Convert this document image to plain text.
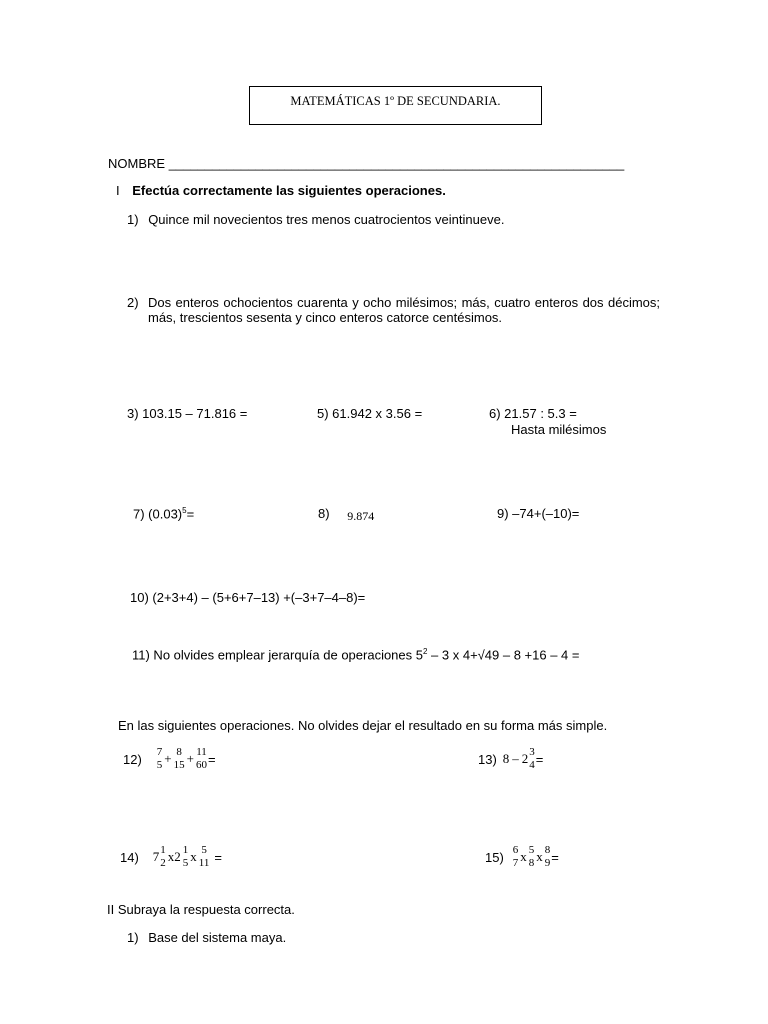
MATEMÁTICAS 1º DE SECUNDARIA.
NOMBRE _______________________________________________________________
I Efectúa correctamente las siguientes operaciones.
1) Quince mil novecientos tres menos cuatrocientos veintinueve.
2) Dos enteros ochocientos cuarenta y ocho milésimos; más, cuatro enteros dos décimos; más, trescientos sesenta y cinco enteros catorce centésimos.
3) 103.15 – 71.816 =	5) 61.942 x 3.56 =	6) 21.57 : 5.3 =
Hasta milésimos
7) $(0.03)^5=$	8) 9.874	9) –74+(–10)=
10) (2+3+4) – (5+6+7–13) +(–3+7–4–8)=
11) No olvides emplear jerarquía de operaciones $5^2 - 3$ x 4+√49 – 8 +16 – 4 =
En las siguientes operaciones. No olvides dejar el resultado en su forma más simple.
12) 7
5 + 8
15 + 11
60 =	13) 8 – 2 3
4 =
14) 7 1
2 x2 1
5 x 5
11 =	15) 6
7 x 5
8 x 8
9 =
II Subraya la respuesta correcta.
1) Base del sistema maya.
